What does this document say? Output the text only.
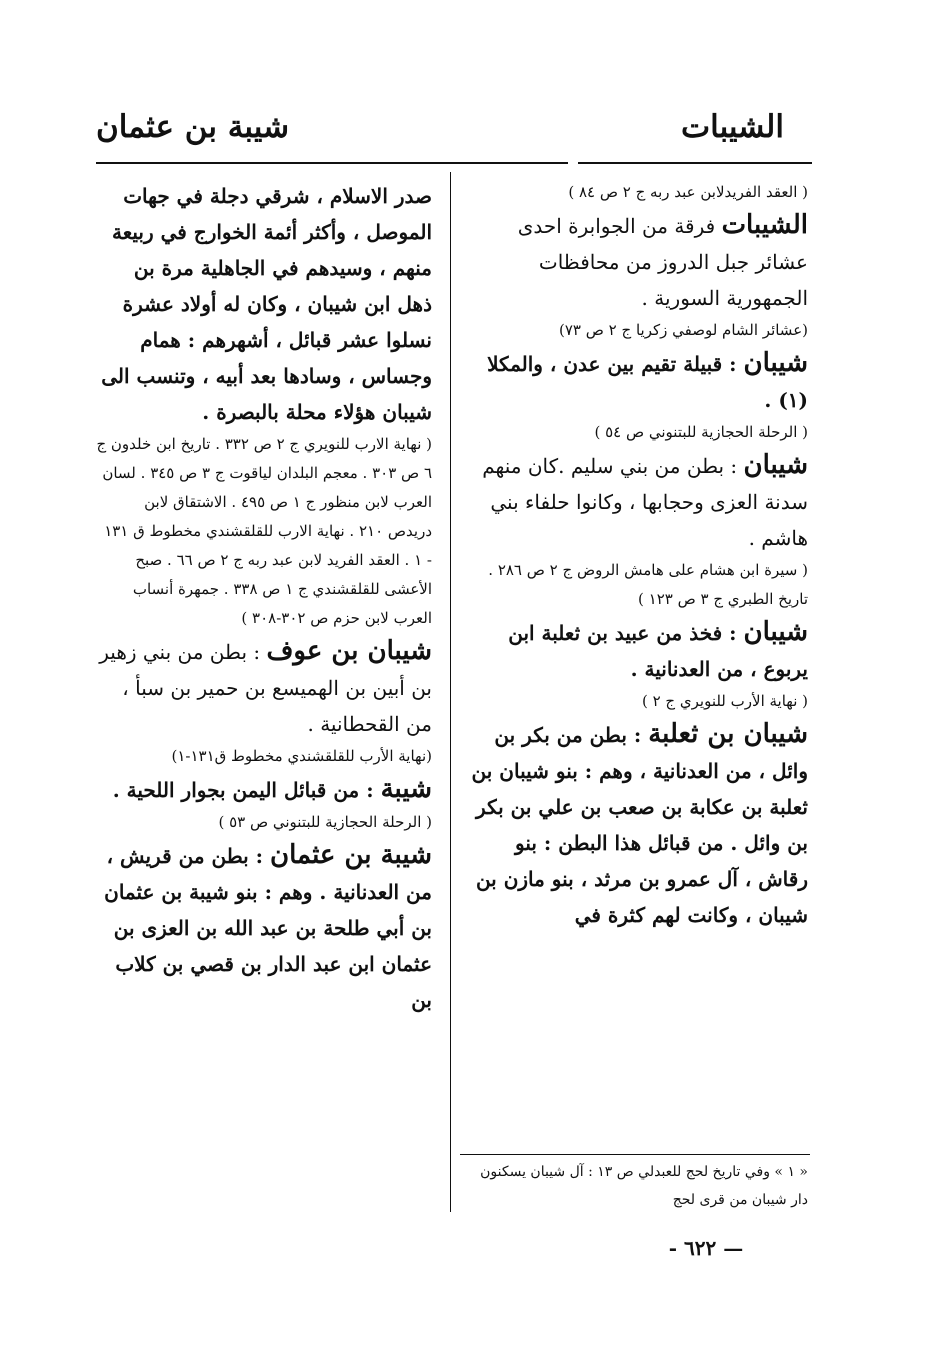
الشيبات
شيبة بن عثمان

( العقد الفريدلابن عبد ربه ج ٢ ص ٨٤ )

الشيبات فرقة من الجوابرة احدى عشائر جبل الدروز من محافظات الجمهورية السورية .

(عشائر الشام لوصفي زكريا ج ٢ ص ٧٣)

شيبان : قبيلة تقيم بين عدن ، والمكلا (١) .

( الرحلة الحجازية للبتنوني ص ٥٤ )

شيبان : بطن من بني سليم .كان منهم سدنة العزى وحجابها ، وكانوا حلفاء بني هاشم .

( سيرة ابن هشام على هامش الروض ج ٢ ص ٢٨٦ . تاريخ الطبري ج ٣ ص ١٢٣ )

شيبان : فخذ من عبيد بن ثعلبة ابن يربوع ، من العدنانية .

( نهاية الأرب للنويري ج ٢ )

شيبان بن ثعلبة : بطن من بكر بن وائل ، من العدنانية ، وهم : بنو شيبان بن ثعلبة بن عكابة بن صعب بن علي بن بكر بن وائل . من قبائل هذا البطن : بنو رقاش ، آل عمرو بن مرثد ، بنو مازن بن شيبان ، وكانت لهم كثرة في

صدر الاسلام ، شرقي دجلة في جهات الموصل ، وأكثر أئمة الخوارج في ربيعة منهم ، وسيدهم في الجاهلية مرة بن ذهل ابن شيبان ، وكان له أولاد عشرة نسلوا عشر قبائل ، أشهرهم : همام وجساس ، وسادها بعد أبيه ، وتنسب الى شيبان هؤلاء محلة بالبصرة .

( نهاية الارب للنويري ج ٢ ص ٣٣٢ . تاريخ ابن خلدون ج ٦ ص ٣٠٣ . معجم البلدان لياقوت ج ٣ ص ٣٤٥ . لسان العرب لابن منظور ج ١ ص ٤٩٥ . الاشتقاق لابن دريدص ٢١٠ . نهاية الارب للقلقشندي مخطوط ق ١٣١ - ١ . العقد الفريد لابن عبد ربه ج ٢ ص ٦٦ . صبح الأعشى للقلقشندي ج ١ ص ٣٣٨ . جمهرة أنساب العرب لابن حزم ص ٣٠٢-٣٠٨ )

شيبان بن عوف : بطن من بني زهير بن أبين بن الهميسع بن حمير بن سبأ ، من القحطانية .

(نهاية الأرب للقلقشندي مخطوط ق١٣١-١)

شيبة : من قبائل اليمن بجوار اللحية .

( الرحلة الحجازية للبتنوني ص ٥٣ )

شيبة بن عثمان : بطن من قريش ، من العدنانية . وهم : بنو شيبة بن عثمان بن أبي طلحة بن عبد الله بن العزى بن عثمان ابن عبد الدار بن قصي بن كلاب بن

« ١ » وفي تاريخ لحج للعبدلي ص ١٣ : آل شيبان يسكنون دار شيبان من قرى لحج
— ٦٢٢ -
